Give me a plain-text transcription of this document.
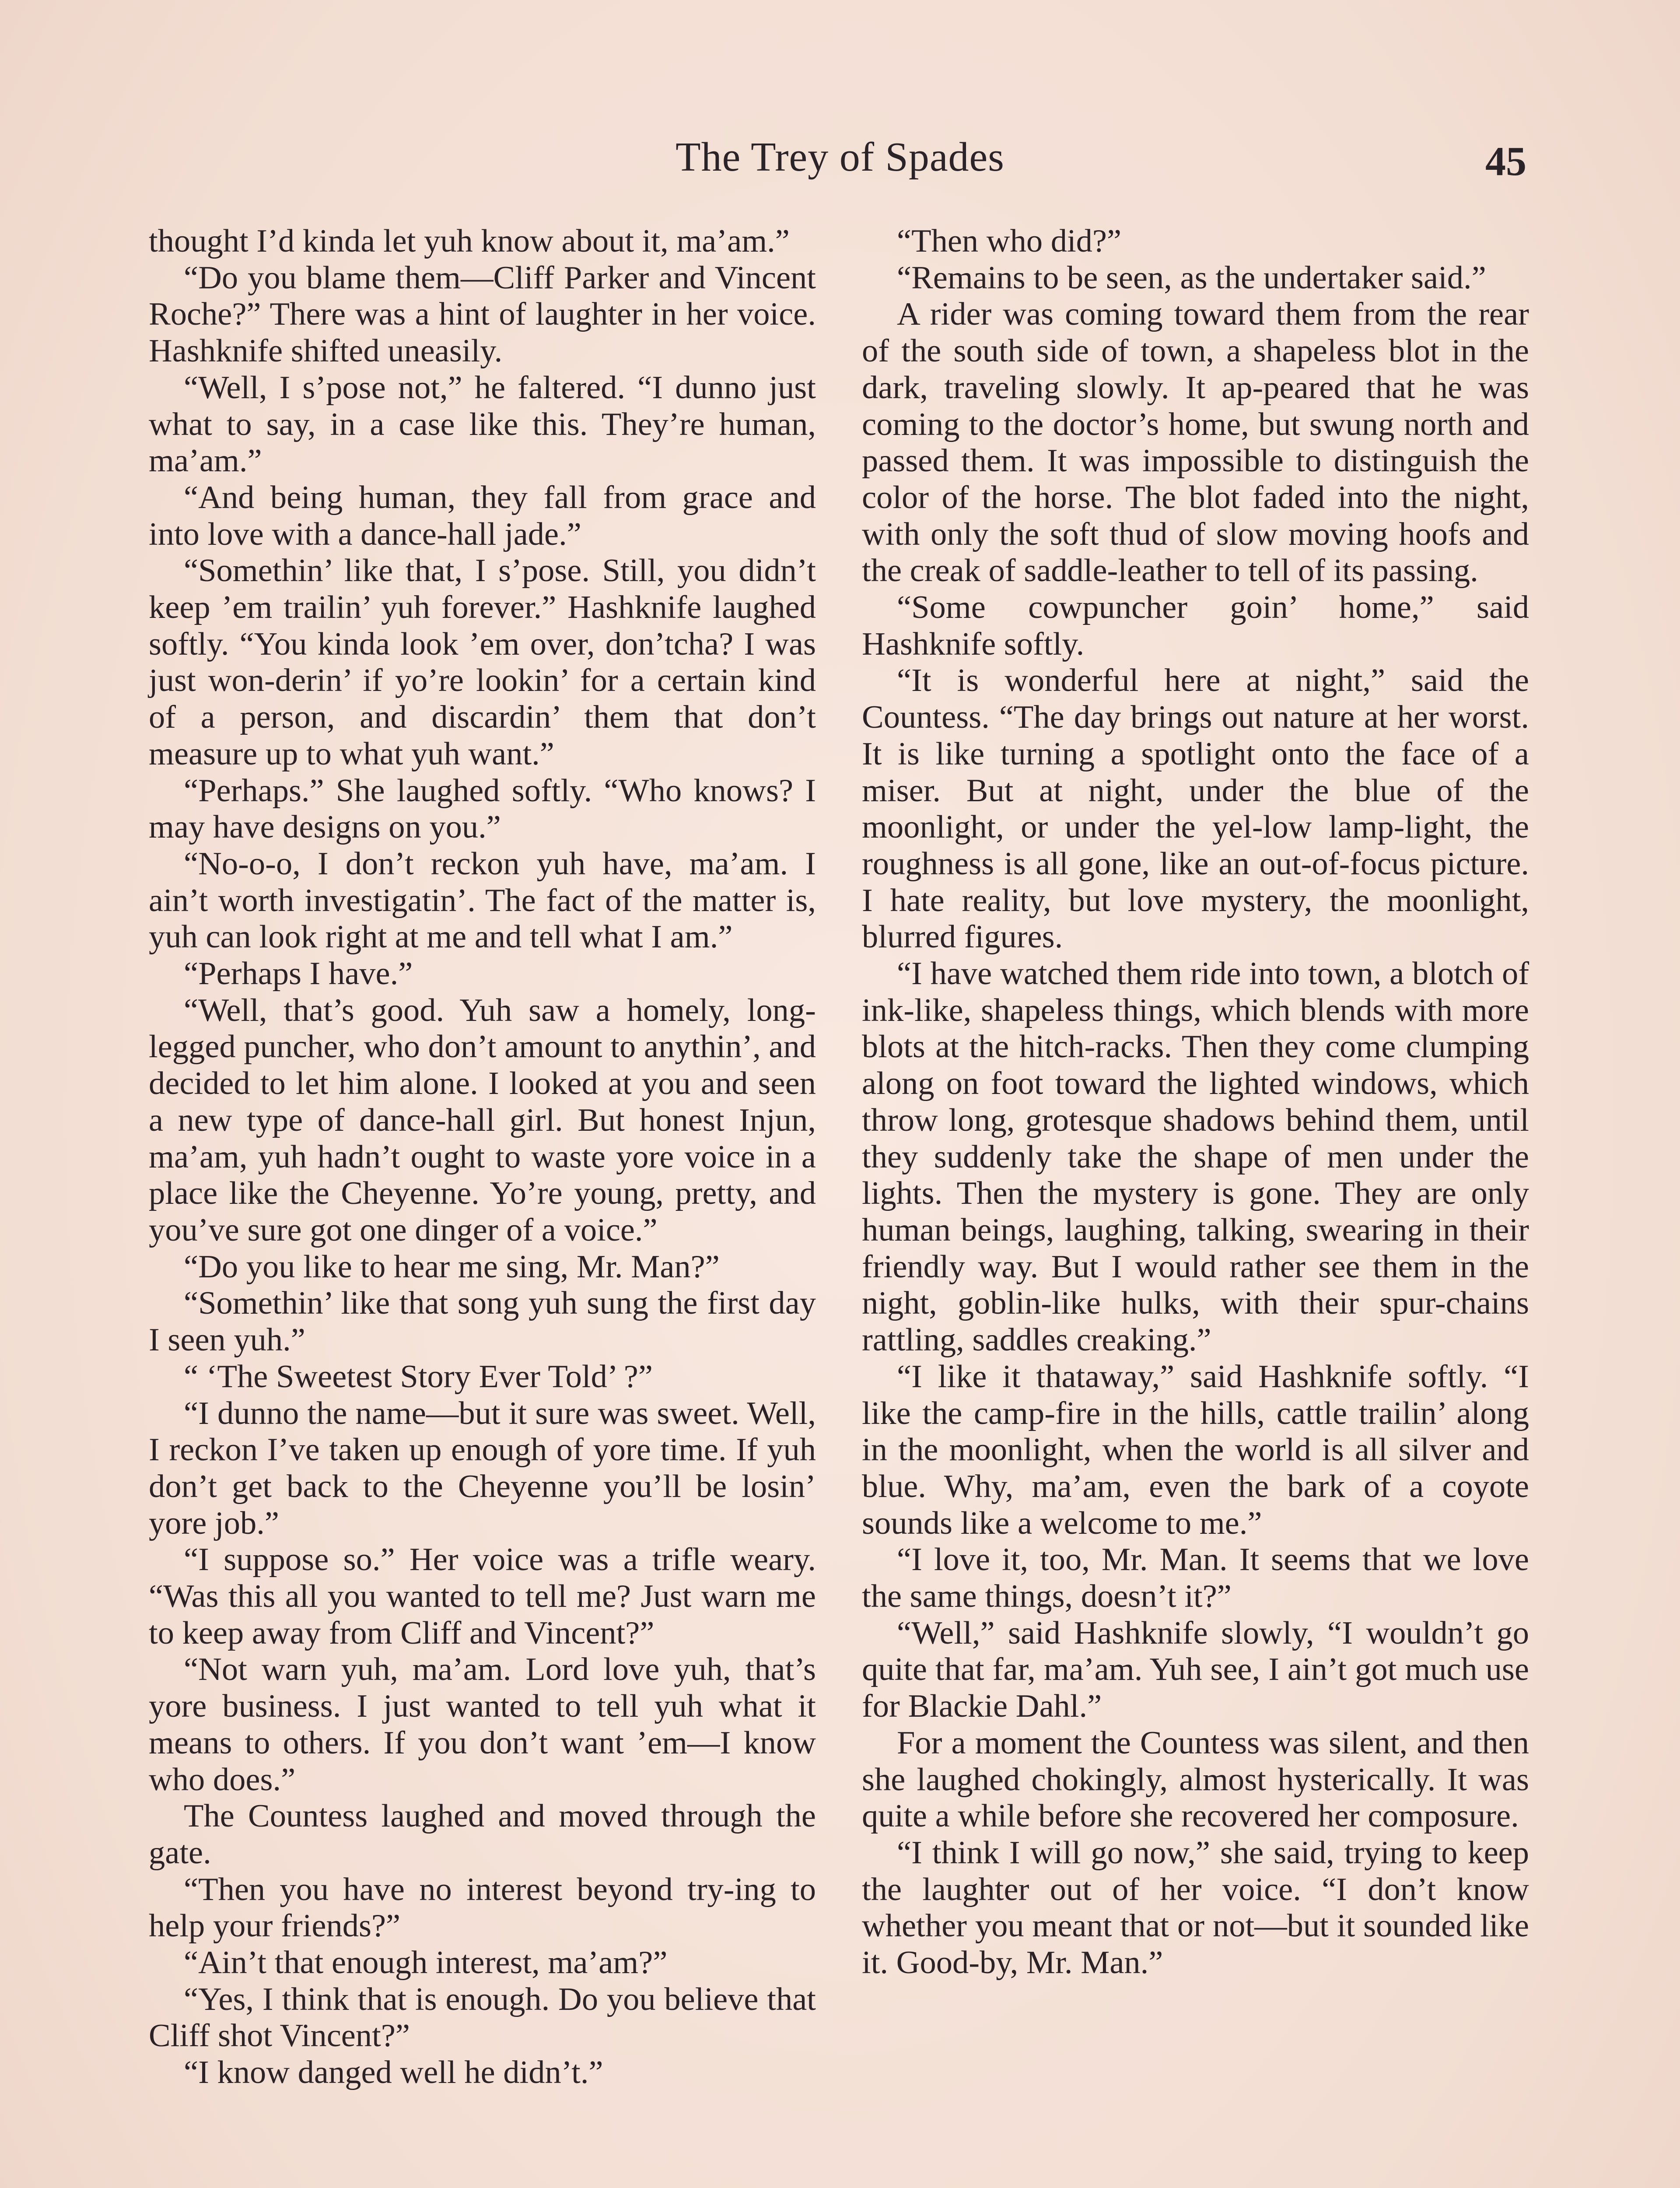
The Trey of Spades	45

thought I’d kinda let yuh know about it, ma’am.”

“Do you blame them—Cliff Parker and Vincent Roche?” There was a hint of laughter in her voice. Hashknife shifted uneasily.

“Well, I s’pose not,” he faltered. “I dunno just what to say, in a case like this. They’re human, ma’am.”

“And being human, they fall from grace and into love with a dance-hall jade.”

“Somethin’ like that, I s’pose. Still, you didn’t keep ’em trailin’ yuh forever.” Hashknife laughed softly. “You kinda look ’em over, don’tcha? I was just won-derin’ if yo’re lookin’ for a certain kind of a person, and discardin’ them that don’t measure up to what yuh want.”

“Perhaps.” She laughed softly. “Who knows? I may have designs on you.”

“No-o-o, I don’t reckon yuh have, ma’am. I ain’t worth investigatin’. The fact of the matter is, yuh can look right at me and tell what I am.”

“Perhaps I have.”

“Well, that’s good. Yuh saw a homely, long-legged puncher, who don’t amount to anythin’, and decided to let him alone. I looked at you and seen a new type of dance-hall girl. But honest Injun, ma’am, yuh hadn’t ought to waste yore voice in a place like the Cheyenne. Yo’re young, pretty, and you’ve sure got one dinger of a voice.”

“Do you like to hear me sing, Mr. Man?”

“Somethin’ like that song yuh sung the first day I seen yuh.”

“ ‘The Sweetest Story Ever Told’ ?”

“I dunno the name—but it sure was sweet. Well, I reckon I’ve taken up enough of yore time. If yuh don’t get back to the Cheyenne you’ll be losin’ yore job.”

“I suppose so.” Her voice was a trifle weary. “Was this all you wanted to tell me? Just warn me to keep away from Cliff and Vincent?”

“Not warn yuh, ma’am. Lord love yuh, that’s yore business. I just wanted to tell yuh what it means to others. If you don’t want ’em—I know who does.”

The Countess laughed and moved through the gate.

“Then you have no interest beyond try-ing to help your friends?”

“Ain’t that enough interest, ma’am?”

“Yes, I think that is enough. Do you believe that Cliff shot Vincent?”

“I know danged well he didn’t.”

“Then who did?”

“Remains to be seen, as the undertaker said.”

A rider was coming toward them from the rear of the south side of town, a shapeless blot in the dark, traveling slowly. It ap-peared that he was coming to the doctor’s home, but swung north and passed them. It was impossible to distinguish the color of the horse. The blot faded into the night, with only the soft thud of slow moving hoofs and the creak of saddle-leather to tell of its passing.

“Some cowpuncher goin’ home,” said Hashknife softly.

“It is wonderful here at night,” said the Countess. “The day brings out nature at her worst. It is like turning a spotlight onto the face of a miser. But at night, under the blue of the moonlight, or under the yel-low lamp-light, the roughness is all gone, like an out-of-focus picture. I hate reality, but love mystery, the moonlight, blurred figures.

“I have watched them ride into town, a blotch of ink-like, shapeless things, which blends with more blots at the hitch-racks. Then they come clumping along on foot toward the lighted windows, which throw long, grotesque shadows behind them, until they suddenly take the shape of men under the lights. Then the mystery is gone. They are only human beings, laughing, talking, swearing in their friendly way. But I would rather see them in the night, goblin-like hulks, with their spur-chains rattling, saddles creaking.”

“I like it thataway,” said Hashknife softly. “I like the camp-fire in the hills, cattle trailin’ along in the moonlight, when the world is all silver and blue. Why, ma’am, even the bark of a coyote sounds like a welcome to me.”

“I love it, too, Mr. Man. It seems that we love the same things, doesn’t it?”

“Well,” said Hashknife slowly, “I wouldn’t go quite that far, ma’am. Yuh see, I ain’t got much use for Blackie Dahl.”

For a moment the Countess was silent, and then she laughed chokingly, almost hysterically. It was quite a while before she recovered her composure.

“I think I will go now,” she said, trying to keep the laughter out of her voice. “I don’t know whether you meant that or not—but it sounded like it. Good-by, Mr. Man.”
